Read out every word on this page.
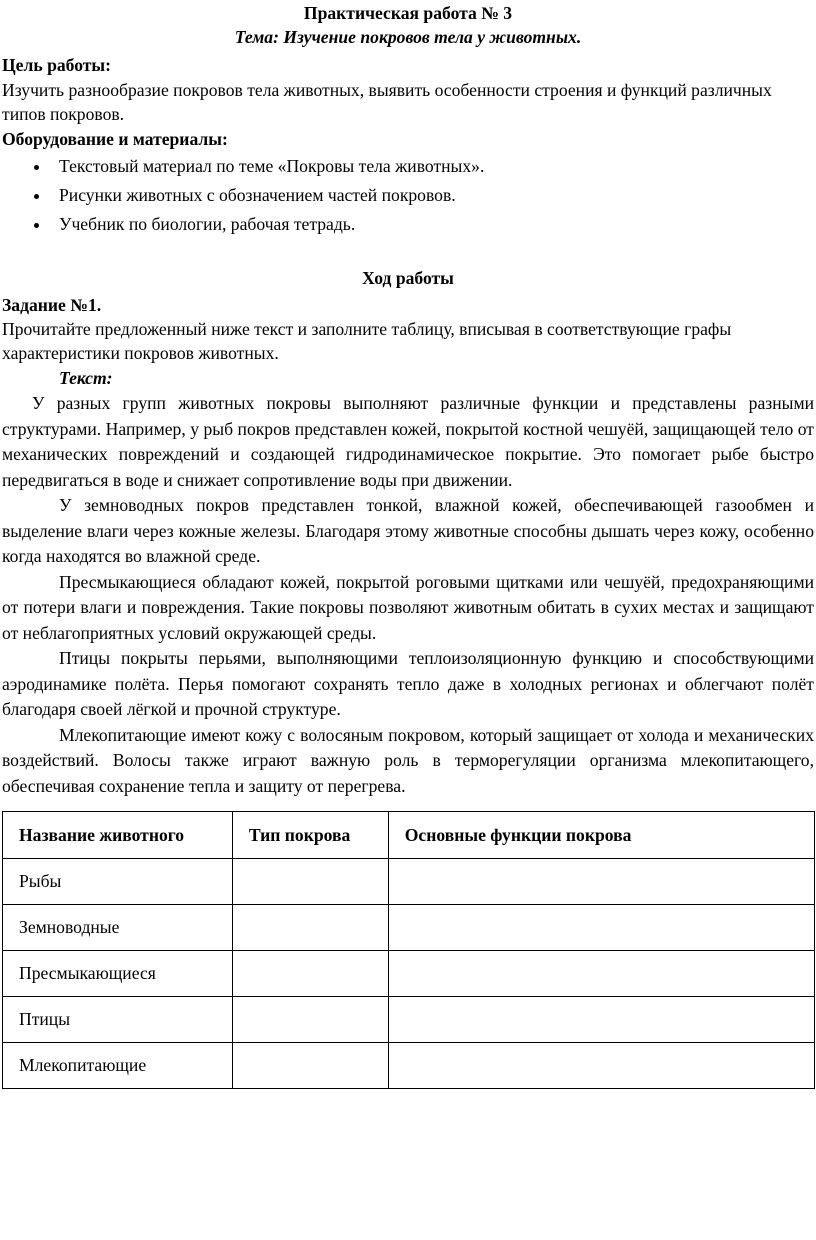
Практическая работа № 3

Тема: Изучение покровов тела у животных.

Цель работы:

Изучить разнообразие покровов тела животных, выявить особенности строения и функций различных типов покровов.

Оборудование и материалы:

Текстовый материал по теме «Покровы тела животных».
Рисунки животных с обозначением частей покровов.
Учебник по биологии, рабочая тетрадь.

Ход работы

Задание №1.

Прочитайте предложенный ниже текст и заполните таблицу, вписывая в соответствующие графы характеристики покровов животных.

Текст:

У разных групп животных покровы выполняют различные функции и представлены разными структурами. Например, у рыб покров представлен кожей, покрытой костной чешуёй, защищающей тело от механических повреждений и создающей гидродинамическое покрытие. Это помогает рыбе быстро передвигаться в воде и снижает сопротивление воды при движении.

У земноводных покров представлен тонкой, влажной кожей, обеспечивающей газообмен и выделение влаги через кожные железы. Благодаря этому животные способны дышать через кожу, особенно когда находятся во влажной среде.

Пресмыкающиеся обладают кожей, покрытой роговыми щитками или чешуёй, предохраняющими от потери влаги и повреждения. Такие покровы позволяют животным обитать в сухих местах и защищают от неблагоприятных условий окружающей среды.

Птицы покрыты перьями, выполняющими теплоизоляционную функцию и способствующими аэродинамике полёта. Перья помогают сохранять тепло даже в холодных регионах и облегчают полёт благодаря своей лёгкой и прочной структуре.

Млекопитающие имеют кожу с волосяным покровом, который защищает от холода и механических воздействий. Волосы также играют важную роль в терморегуляции организма млекопитающего, обеспечивая сохранение тепла и защиту от перегрева.

Название животного	Тип покрова	Основные функции покрова
Рыбы		
Земноводные		
Пресмыкающиеся		
Птицы		
Млекопитающие		
